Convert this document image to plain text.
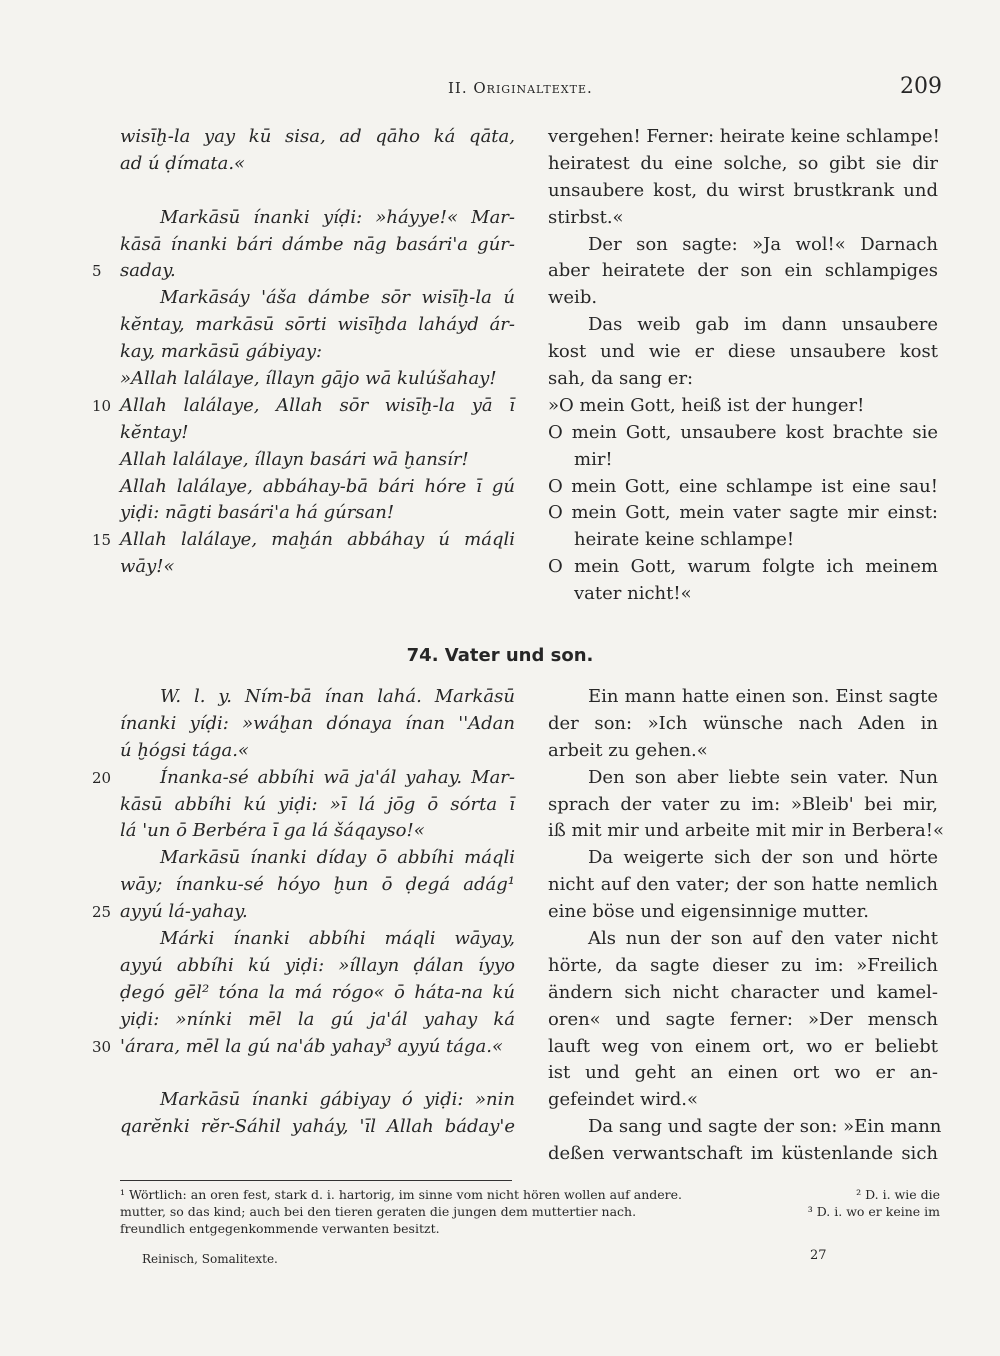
II. Originaltexte.	209
wisīḫ-la yay kū sisa, ad qāho ká qāta,
ad ú ḍímata.«
Markāsū ínanki yíḍi: »háyye!« Mar-
kāsā ínanki bári dámbe nāg basári'a gúr-
saday.
5
Markāsáy 'áša dámbe sōr wisīḫ-la ú
kĕntay, markāsū sōrti wisīḫda laháyd ár-
kay, markāsū gábiyay:
»Allah lalálaye, íllayn gājo wā kulúšahay!
Allah lalálaye, Allah sōr wisīḫ-la yā ī
10
kĕntay!
Allah lalálaye, íllayn basári wā ḫansír!
Allah lalálaye, abbáhay-bā bári hóre ī gú
yiḍi: nāgti basári'a há gúrsan!
Allah lalálaye, maḫán abbáhay ú máqli
15
wāy!«
vergehen! Ferner: heirate keine schlampe!
heiratest du eine solche, so gibt sie dir
unsaubere kost, du wirst brustkrank und
stirbst.«
Der son sagte: »Ja wol!« Darnach
aber heiratete der son ein schlampiges
weib.
Das weib gab im dann unsaubere
kost und wie er diese unsaubere kost
sah, da sang er:
»O mein Gott, heiß ist der hunger!
O mein Gott, unsaubere kost brachte sie
mir!
O mein Gott, eine schlampe ist eine sau!
O mein Gott, mein vater sagte mir einst:
heirate keine schlampe!
O mein Gott, warum folgte ich meinem
vater nicht!«
74. Vater und son.
W. l. y. Ním-bā ínan lahá. Markāsū
ínanki yíḍi: »wáḫan dónaya ínan ''Adan
ú ḫógsi tága.«
Ínanka-sé abbíhi wā ja'ál yahay. Mar-
20
kāsū abbíhi kú yiḍi: »ī lá jōg ō sórta ī
lá 'un ō Berbéra ī ga lá šáqayso!«
Markāsū ínanki díday ō abbíhi máqli
wāy; ínanku-sé hóyo ḫun ō ḍegá adág¹
ayyú lá-yahay.
25
Márki ínanki abbíhi máqli wāyay,
ayyú abbíhi kú yiḍi: »íllayn ḍálan íyyo
ḍegó gēl² tóna la má rógo« ō háta-na kú
yiḍi: »nínki mēl la gú ja'ál yahay ká
'árara, mēl la gú na'áb yahay³ ayyú tága.«
30
Markāsū ínanki gábiyay ó yiḍi: »nin
qarĕnki rĕr-Sáhil yaháy, 'īl Allah báday'e
Ein mann hatte einen son. Einst sagte
der son: »Ich wünsche nach Aden in
arbeit zu gehen.«
Den son aber liebte sein vater. Nun
sprach der vater zu im: »Bleib' bei mir,
iß mit mir und arbeite mit mir in Berbera!«
Da weigerte sich der son und hörte
nicht auf den vater; der son hatte nemlich
eine böse und eigensinnige mutter.
Als nun der son auf den vater nicht
hörte, da sagte dieser zu im: »Freilich
ändern sich nicht character und kamel-
oren« und sagte ferner: »Der mensch
lauft weg von einem ort, wo er beliebt
ist und geht an einen ort wo er an-
gefeindet wird.«
Da sang und sagte der son: »Ein mann
deßen verwantschaft im küstenlande sich
¹ Wörtlich: an oren fest, stark d. i. hartorig, im sinne vom nicht hören wollen auf andere.	² D. i. wie die
mutter, so das kind; auch bei den tieren geraten die jungen dem muttertier nach.	³ D. i. wo er keine im
freundlich entgegenkommende verwanten besitzt.
Reinisch, Somalitexte.	27
